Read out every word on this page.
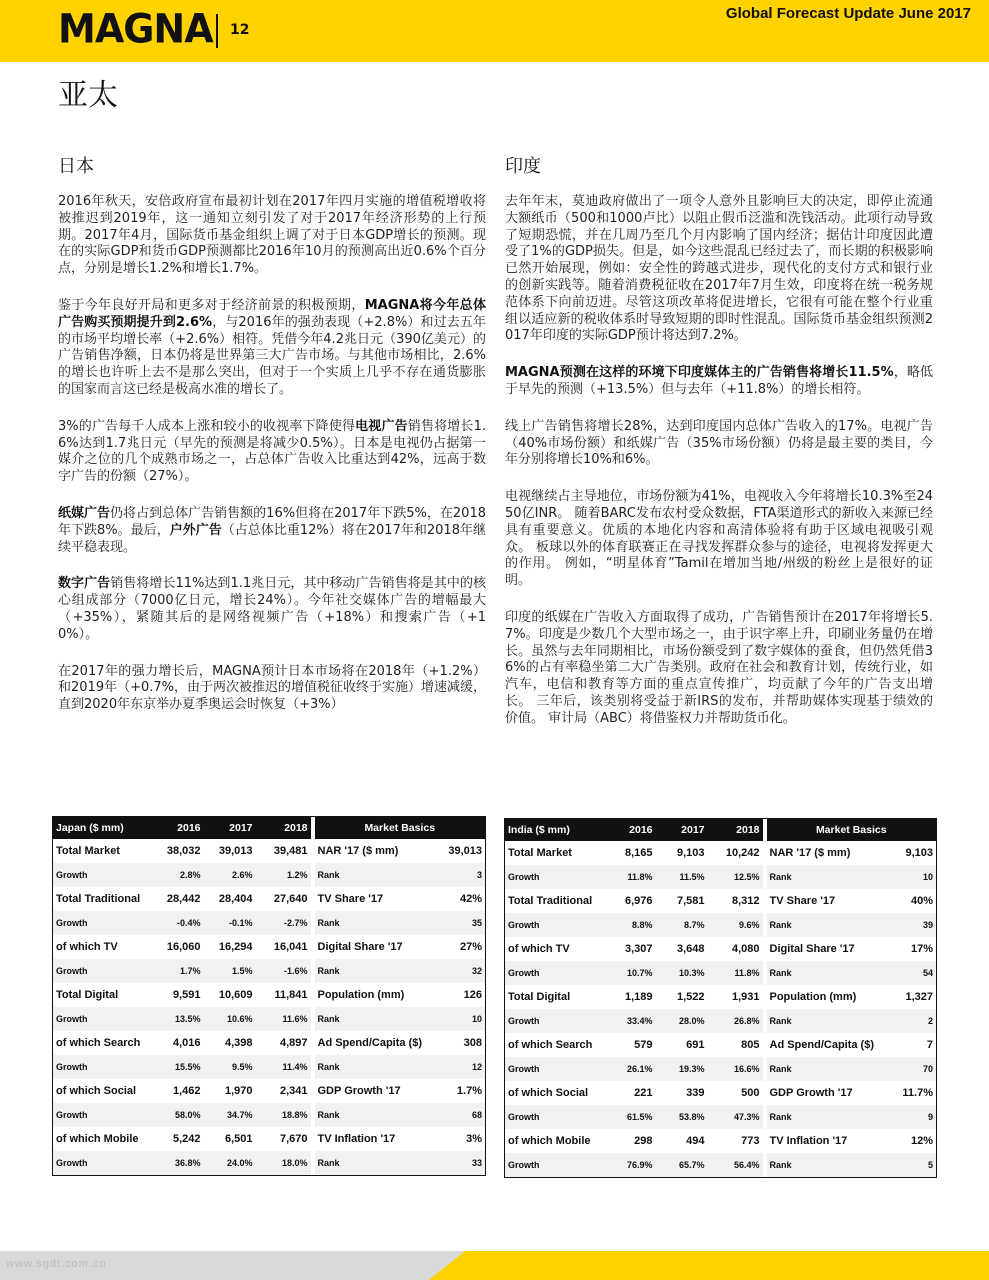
MAGNA 12
Global Forecast Update June 2017
亚太
日本

2016年秋天，安倍政府宣布最初计划在2017年四月实施的增值税增收将被推迟到2019年，这一通知立刻引发了对于2017年经济形势的上行预期。2017年4月，国际货币基金组织上调了对于日本GDP增长的预测。现在的实际GDP和货币GDP预测都比2016年10月的预测高出近0.6%个百分点，分别是增长1.2%和增长1.7%。

鉴于今年良好开局和更多对于经济前景的积极预期，MAGNA将今年总体广告购买预期提升到2.6%，与2016年的强劲表现（+2.8%）和过去五年的市场平均增长率（+2.6%）相符。凭借今年4.2兆日元（390亿美元）的广告销售净额，日本仍将是世界第三大广告市场。与其他市场相比，2.6%的增长也许听上去不是那么突出，但对于一个实质上几乎不存在通货膨胀的国家而言这已经是极高水准的增长了。

3%的广告每千人成本上涨和较小的收视率下降使得电视广告销售将增长1.6%达到1.7兆日元（早先的预测是将减少0.5%）。日本是电视仍占据第一媒介之位的几个成熟市场之一，占总体广告收入比重达到42%，远高于数字广告的份额（27%）。

纸媒广告仍将占到总体广告销售额的16%但将在2017年下跌5%，在2018年下跌8%。最后，户外广告（占总体比重12%）将在2017年和2018年继续平稳表现。

数字广告销售将增长11%达到1.1兆日元，其中移动广告销售将是其中的核心组成部分（7000亿日元，增长24%）。今年社交媒体广告的增幅最大（+35%），紧随其后的是网络视频广告（+18%）和搜索广告（+10%）。

在2017年的强力增长后，MAGNA预计日本市场将在2018年（+1.2%）和2019年（+0.7%，由于两次被推迟的增值税征收终于实施）增速减缓，直到2020年东京举办夏季奥运会时恢复（+3%）

印度

去年年末，莫迪政府做出了一项令人意外且影响巨大的决定，即停止流通大额纸币（500和1000卢比）以阻止假币泛滥和洗钱活动。此项行动导致了短期恐慌，并在几周乃至几个月内影响了国内经济；据估计印度因此遭受了1%的GDP损失。但是，如今这些混乱已经过去了，而长期的积极影响已然开始展现，例如：安全性的跨越式进步，现代化的支付方式和银行业的创新实践等。随着消费税征收在2017年7月生效，印度将在统一税务规范体系下向前迈进。尽管这项改革将促进增长，它很有可能在整个行业重组以适应新的税收体系时导致短期的即时性混乱。国际货币基金组织预测2017年印度的实际GDP预计将达到7.2%。

MAGNA预测在这样的环境下印度媒体主的广告销售将增长11.5%，略低于早先的预测（+13.5%）但与去年（+11.8%）的增长相符。

线上广告销售将增长28%，达到印度国内总体广告收入的17%。电视广告（40%市场份额）和纸媒广告（35%市场份额）仍将是最主要的类目，今年分别将增长10%和6%。

电视继续占主导地位，市场份额为41%，电视收入今年将增长10.3%至2450亿INR。 随着BARC发布农村受众数据，FTA渠道形式的新收入来源已经具有重要意义。优质的本地化内容和高清体验将有助于区域电视吸引观众。 板球以外的体育联赛正在寻找发挥群众参与的途径，电视将发挥更大的作用。 例如，“明星体育”Tamil在增加当地/州级的粉丝上是很好的证明。

印度的纸媒在广告收入方面取得了成功，广告销售预计在2017年将增长5.7%。印度是少数几个大型市场之一，由于识字率上升，印刷业务量仍在增长。虽然与去年同期相比，市场份额受到了数字媒体的蚕食，但仍然凭借36%的占有率稳坐第二大广告类别。政府在社会和教育计划，传统行业，如汽车，电信和教育等方面的重点宣传推广，均贡献了今年的广告支出增长。 三年后，该类别将受益于新IRS的发布，并帮助媒体实现基于绩效的价值。 审计局（ABC）将借鉴权力并帮助货币化。

Japan ($ mm)	2016	2017	2018		Market Basics	
Total Market	38,032	39,013	39,481		NAR '17 ($ mm)	39,013
Growth	2.8%	2.6%	1.2%		Rank	3
Total Traditional	28,442	28,404	27,640		TV Share '17	42%
Growth	-0.4%	-0.1%	-2.7%		Rank	35
of which TV	16,060	16,294	16,041		Digital Share '17	27%
Growth	1.7%	1.5%	-1.6%		Rank	32
Total Digital	9,591	10,609	11,841		Population (mm)	126
Growth	13.5%	10.6%	11.6%		Rank	10
of which Search	4,016	4,398	4,897		Ad Spend/Capita ($)	308
Growth	15.5%	9.5%	11.4%		Rank	12
of which Social	1,462	1,970	2,341		GDP Growth '17	1.7%
Growth	58.0%	34.7%	18.8%		Rank	68
of which Mobile	5,242	6,501	7,670		TV Inflation '17	3%
Growth	36.8%	24.0%	18.0%		Rank	33
India ($ mm)	2016	2017	2018		Market Basics	
Total Market	8,165	9,103	10,242		NAR '17 ($ mm)	9,103
Growth	11.8%	11.5%	12.5%		Rank	10
Total Traditional	6,976	7,581	8,312		TV Share '17	40%
Growth	8.8%	8.7%	9.6%		Rank	39
of which TV	3,307	3,648	4,080		Digital Share '17	17%
Growth	10.7%	10.3%	11.8%		Rank	54
Total Digital	1,189	1,522	1,931		Population (mm)	1,327
Growth	33.4%	28.0%	26.8%		Rank	2
of which Search	579	691	805		Ad Spend/Capita ($)	7
Growth	26.1%	19.3%	16.6%		Rank	70
of which Social	221	339	500		GDP Growth '17	11.7%
Growth	61.5%	53.8%	47.3%		Rank	9
of which Mobile	298	494	773		TV Inflation '17	12%
Growth	76.9%	65.7%	56.4%		Rank	5
www.sgdt.com.cn
